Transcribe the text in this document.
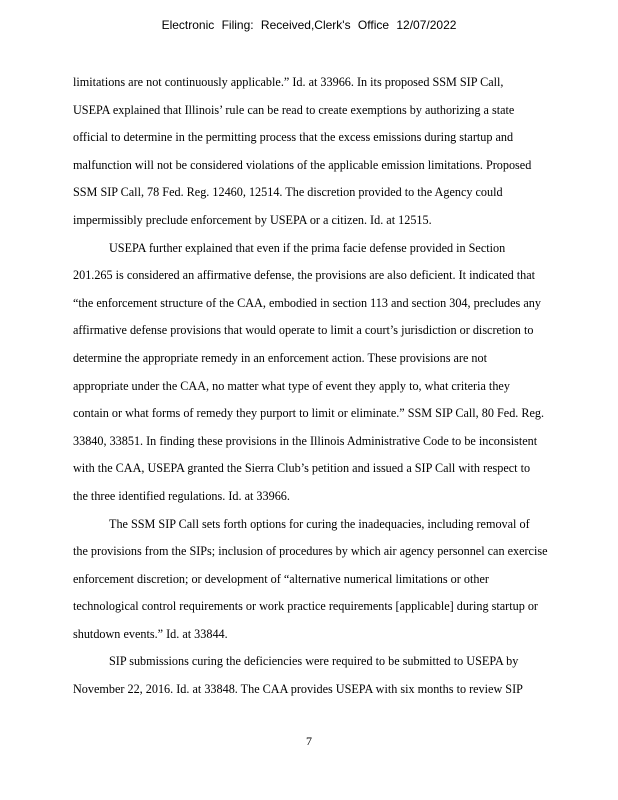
Electronic Filing: Received,Clerk's Office 12/07/2022
limitations are not continuously applicable.” Id. at 33966. In its proposed SSM SIP Call,
USEPA explained that Illinois’ rule can be read to create exemptions by authorizing a state
official to determine in the permitting process that the excess emissions during startup and
malfunction will not be considered violations of the applicable emission limitations. Proposed
SSM SIP Call, 78 Fed. Reg. 12460, 12514. The discretion provided to the Agency could
impermissibly preclude enforcement by USEPA or a citizen. Id. at 12515.
USEPA further explained that even if the prima facie defense provided in Section
201.265 is considered an affirmative defense, the provisions are also deficient. It indicated that
“the enforcement structure of the CAA, embodied in section 113 and section 304, precludes any
affirmative defense provisions that would operate to limit a court’s jurisdiction or discretion to
determine the appropriate remedy in an enforcement action. These provisions are not
appropriate under the CAA, no matter what type of event they apply to, what criteria they
contain or what forms of remedy they purport to limit or eliminate.” SSM SIP Call, 80 Fed. Reg.
33840, 33851. In finding these provisions in the Illinois Administrative Code to be inconsistent
with the CAA, USEPA granted the Sierra Club’s petition and issued a SIP Call with respect to
the three identified regulations. Id. at 33966.
The SSM SIP Call sets forth options for curing the inadequacies, including removal of
the provisions from the SIPs; inclusion of procedures by which air agency personnel can exercise
enforcement discretion; or development of “alternative numerical limitations or other
technological control requirements or work practice requirements [applicable] during startup or
shutdown events.” Id. at 33844.
SIP submissions curing the deficiencies were required to be submitted to USEPA by
November 22, 2016. Id. at 33848. The CAA provides USEPA with six months to review SIP
7
